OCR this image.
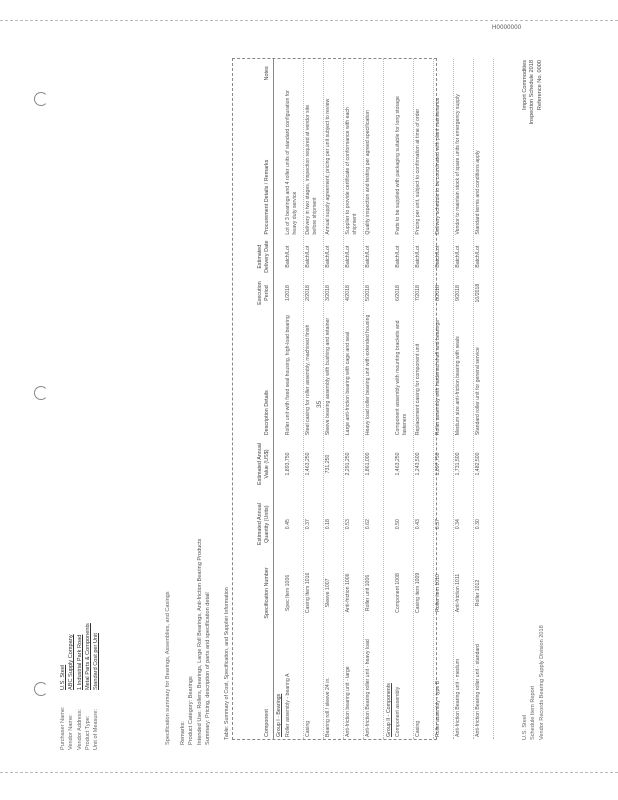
H0000000
Purchaser Name:
U.S. Steel
Vendor Name:
ABC Supply Company
Vendor Address:
1 Industrial Park Road
Product Type:
Metal Parts & Components
Unit of Measure:
Standard Cost per Unit	Specification summary for Bearings, Assemblies, and Casings Remarks: Product Category: Bearings Intended Use: Rollers, Bearings, Large Roll Bearings, Anti-friction Bearing Products Summary: Pricing, description of parts and specification detail Table: Summary of Cost, Specification, and Supplier Information	Component
Specification Number
Estimated Annual Quantity (Units)
Estimated Annual Value (US$)
Description Details
Execution Period
Estimated Delivery Date
Procurement Details / Remarks
Notes
Group I - Bearings Roller assembly - bearing A
Spec Item 1006
0.45
1,893,750
Roller unit with fixed seal housing, high-load bearing
1/2018
Batch/Lot
Lot of 3 bearings and 4 roller units of standard configuration for heavy duty service
Casing
Casing Item 1016
0.37
1,463,250
Steel casing for roller assembly, machined finish
2/2018
Batch/Lot
Delivery in two stages, inspection required at vendor site before shipment
Bearing roll / sleeve 24 in.
Sleeve 1007
0.18
731,250
Sleeve bearing assembly with bushing and retainer
3/2018
Batch/Lot
Annual supply agreement; pricing per unit subject to review
Anti-friction bearing unit - large
Anti-friction 1006
0.53
2,291,250
Large anti-friction bearing with cage and seal
4/2018
Batch/Lot
Supplier to provide certificate of conformance with each shipment
Anti-friction Bearing roller unit - heavy load
Roller unit 1006
0.62
1,861,000
Heavy load roller bearing unit with extended housing
5/2018
Batch/Lot
Quality inspection and testing per agreed specification
Group II - Components Component assembly
Component 1008
0.50
1,463,250
Component assembly with mounting brackets and fasteners
6/2018
Batch/Lot
Parts to be supplied with packaging suitable for long storage
Casing
Casing item 1009
0.43
1,243,500
Replacement casing for component unit
7/2018
Batch/Lot
Pricing per unit, subject to confirmation at time of order
Roller assembly - type B
Roller item 1010
0.37
1,097,750
Roller assembly with hardened shaft and bearings
8/2018
Batch/Lot
Delivery schedule to be coordinated with plant maintenance
Anti-friction Bearing unit - medium
Anti-friction 1011
0.34
1,731,500
Medium size anti-friction bearing with seals
9/2018
Batch/Lot
Vendor to maintain stock of spare units for emergency supply
Anti-friction Bearing roller unit - standard
Roller 1012
0.30
1,482,500
Standard roller unit for general service
10/2018
Batch/Lot
Standard terms and conditions apply
Import Commodities Inspection Schedule 2018 Reference No. 0000
U.S. Steel Schedule Item Report Vendor Records Bearing Supply Division 2018
35
